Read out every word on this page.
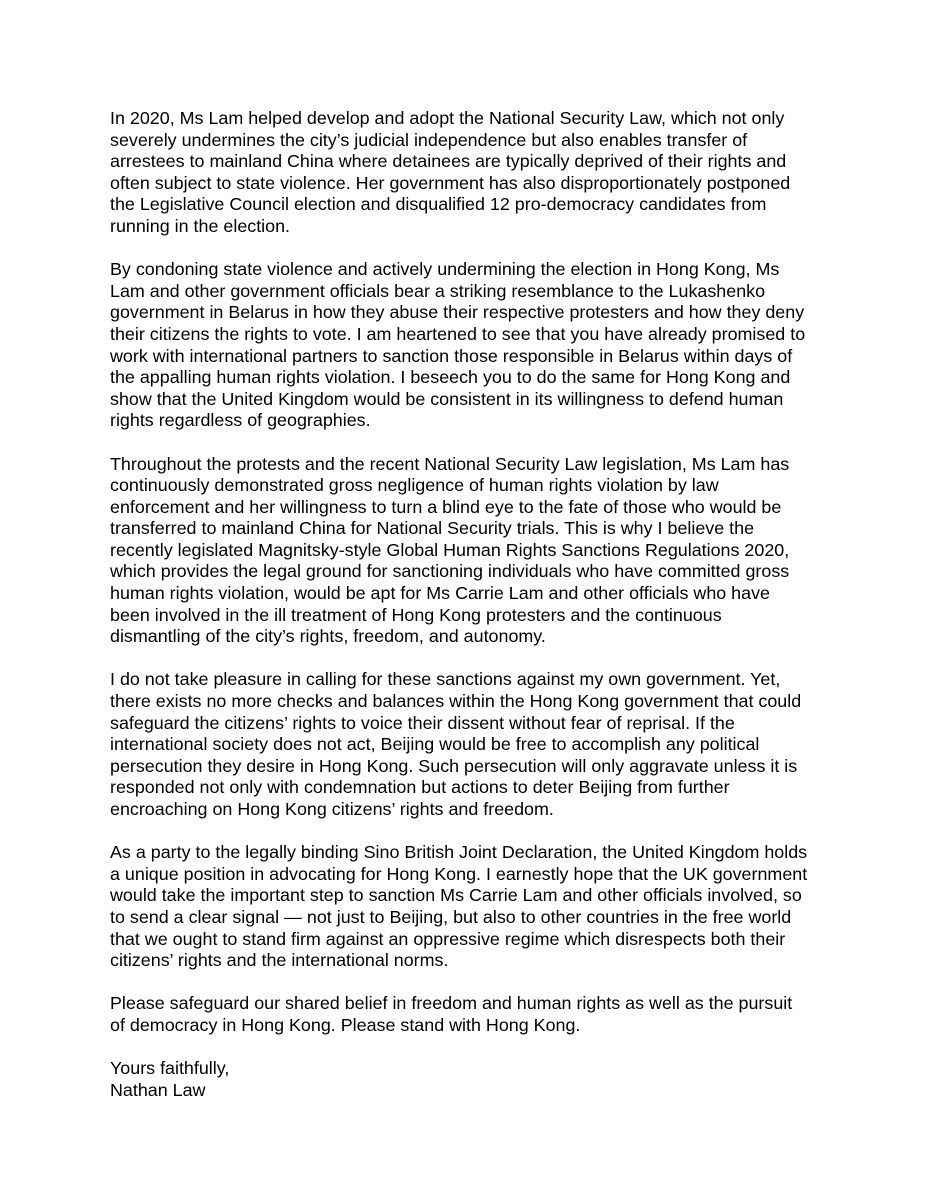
In 2020, Ms Lam helped develop and adopt the National Security Law, which not only
severely undermines the city’s judicial independence but also enables transfer of
arrestees to mainland China where detainees are typically deprived of their rights and
often subject to state violence. Her government has also disproportionately postponed
the Legislative Council election and disqualified 12 pro-democracy candidates from
running in the election.

By condoning state violence and actively undermining the election in Hong Kong, Ms
Lam and other government officials bear a striking resemblance to the Lukashenko
government in Belarus in how they abuse their respective protesters and how they deny
their citizens the rights to vote. I am heartened to see that you have already promised to
work with international partners to sanction those responsible in Belarus within days of
the appalling human rights violation. I beseech you to do the same for Hong Kong and
show that the United Kingdom would be consistent in its willingness to defend human
rights regardless of geographies.

Throughout the protests and the recent National Security Law legislation, Ms Lam has
continuously demonstrated gross negligence of human rights violation by law
enforcement and her willingness to turn a blind eye to the fate of those who would be
transferred to mainland China for National Security trials. This is why I believe the
recently legislated Magnitsky-style Global Human Rights Sanctions Regulations 2020,
which provides the legal ground for sanctioning individuals who have committed gross
human rights violation, would be apt for Ms Carrie Lam and other officials who have
been involved in the ill treatment of Hong Kong protesters and the continuous
dismantling of the city’s rights, freedom, and autonomy.

I do not take pleasure in calling for these sanctions against my own government. Yet,
there exists no more checks and balances within the Hong Kong government that could
safeguard the citizens’ rights to voice their dissent without fear of reprisal. If the
international society does not act, Beijing would be free to accomplish any political
persecution they desire in Hong Kong. Such persecution will only aggravate unless it is
responded not only with condemnation but actions to deter Beijing from further
encroaching on Hong Kong citizens’ rights and freedom.

As a party to the legally binding Sino British Joint Declaration, the United Kingdom holds
a unique position in advocating for Hong Kong. I earnestly hope that the UK government
would take the important step to sanction Ms Carrie Lam and other officials involved, so
to send a clear signal — not just to Beijing, but also to other countries in the free world
that we ought to stand firm against an oppressive regime which disrespects both their
citizens’ rights and the international norms.

Please safeguard our shared belief in freedom and human rights as well as the pursuit
of democracy in Hong Kong. Please stand with Hong Kong.

Yours faithfully,
Nathan Law
